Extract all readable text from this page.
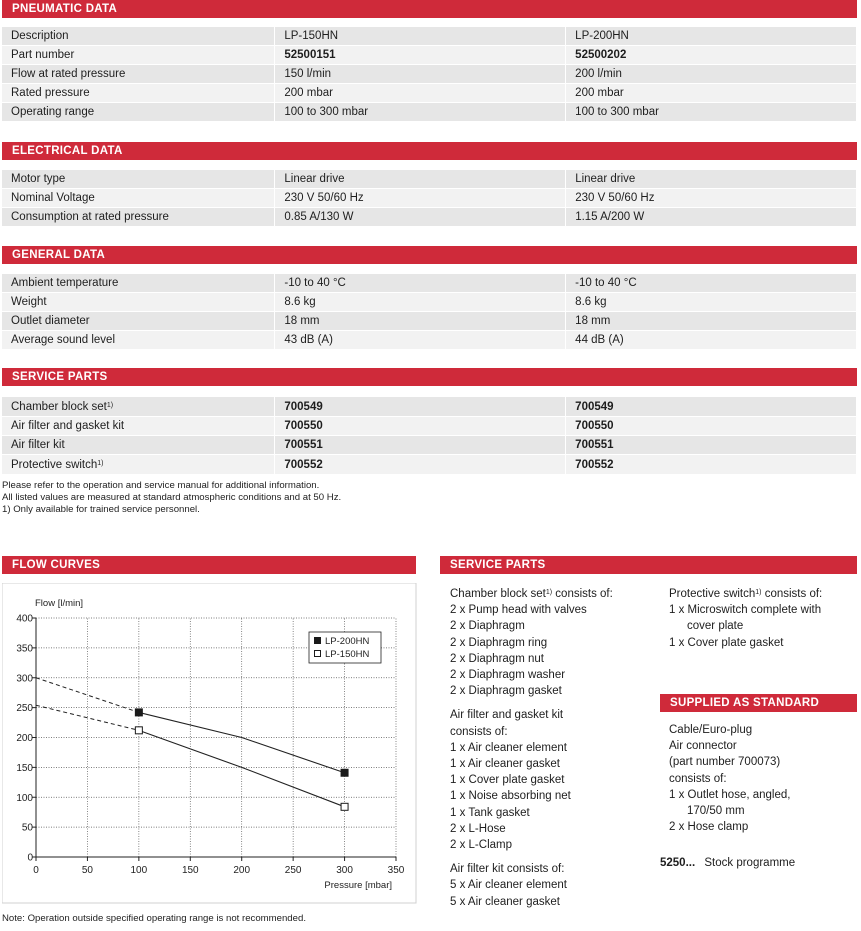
PNEUMATIC DATA
Description	LP-150HN	LP-200HN
Part number	52500151	52500202
Flow at rated pressure	150 l/min	200 l/min
Rated pressure	200 mbar	200 mbar
Operating range	100 to 300 mbar	100 to 300 mbar
ELECTRICAL DATA
Motor type	Linear drive	Linear drive
Nominal Voltage	230 V 50/60 Hz	230 V 50/60 Hz
Consumption at rated pressure	0.85 A/130 W	1.15 A/200 W
GENERAL DATA
Ambient temperature	-10 to 40 °C	-10 to 40 °C
Weight	8.6 kg	8.6 kg
Outlet diameter	18 mm	18 mm
Average sound level	43 dB (A)	44 dB (A)
SERVICE PARTS
Chamber block set$^{1)}$	700549	700549
Air filter and gasket kit	700550	700550
Air filter kit	700551	700551
Protective switch$^{1)}$	700552	700552
Please refer to the operation and service manual for additional information.
All listed values are measured at standard atmospheric conditions and at 50 Hz.
1) Only available for trained service personnel.
FLOW CURVES
0	50	100	150	200	250	300	350
0
50
100
150
200
250
300
350
400
Flow [l/min]
Pressure [mbar]
LP-200HN
LP-150HN
SERVICE PARTS
Chamber block set$^{1)}$ consists of:
2 x Pump head with valves
2 x Diaphragm
2 x Diaphragm ring
2 x Diaphragm nut
2 x Diaphragm washer
2 x Diaphragm gasket
Air filter and gasket kit
consists of:
1 x Air cleaner element
1 x Air cleaner gasket
1 x Cover plate gasket
1 x Noise absorbing net
1 x Tank gasket
2 x L-Hose
2 x L-Clamp
Air filter kit consists of:
5 x Air cleaner element
5 x Air cleaner gasket
Protective switch$^{1)}$ consists of:
1 x Microswitch complete with
cover plate
1 x Cover plate gasket
SUPPLIED AS STANDARD
Cable/Euro-plug
Air connector
(part number 700073)
consists of:
1 x Outlet hose, angled,
170/50 mm
2 x Hose clamp
5250... Stock programme
Note: Operation outside specified operating range is not recommended.
